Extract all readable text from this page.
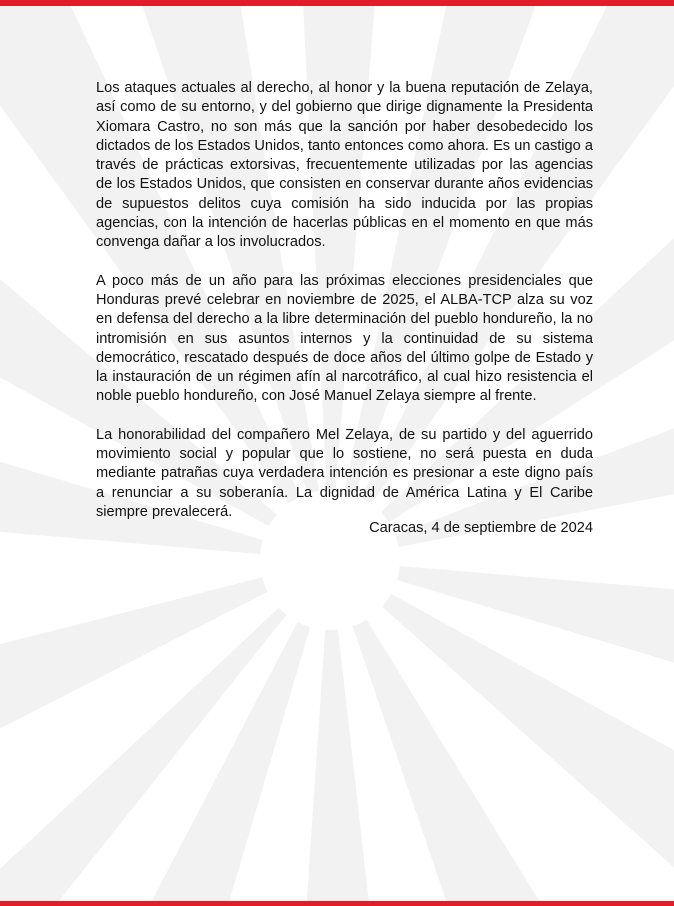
Los ataques actuales al derecho, al honor y la buena reputación de Zelaya, así como de su entorno, y del gobierno que dirige dignamente la Presidenta Xiomara Castro, no son más que la sanción por haber desobedecido los dictados de los Estados Unidos, tanto entonces como ahora. Es un castigo a través de prácticas extorsivas, frecuentemente utilizadas por las agencias de los Estados Unidos, que consisten en conservar durante años evidencias de supuestos delitos cuya comisión ha sido inducida por las propias agencias, con la intención de hacerlas públicas en el momento en que más convenga dañar a los involucrados.

A poco más de un año para las próximas elecciones presidenciales que Honduras prevé celebrar en noviembre de 2025, el ALBA-TCP alza su voz en defensa del derecho a la libre determinación del pueblo hondureño, la no intromisión en sus asuntos internos y la continuidad de su sistema democrático, rescatado después de doce años del último golpe de Estado y la instauración de un régimen afín al narcotráfico, al cual hizo resistencia el noble pueblo hondureño, con José Manuel Zelaya siempre al frente.

La honorabilidad del compañero Mel Zelaya, de su partido y del aguerrido movimiento social y popular que lo sostiene, no será puesta en duda mediante patrañas cuya verdadera intención es presionar a este digno país a renunciar a su soberanía. La dignidad de América Latina y El Caribe siempre prevalecerá.

Caracas, 4 de septiembre de 2024
